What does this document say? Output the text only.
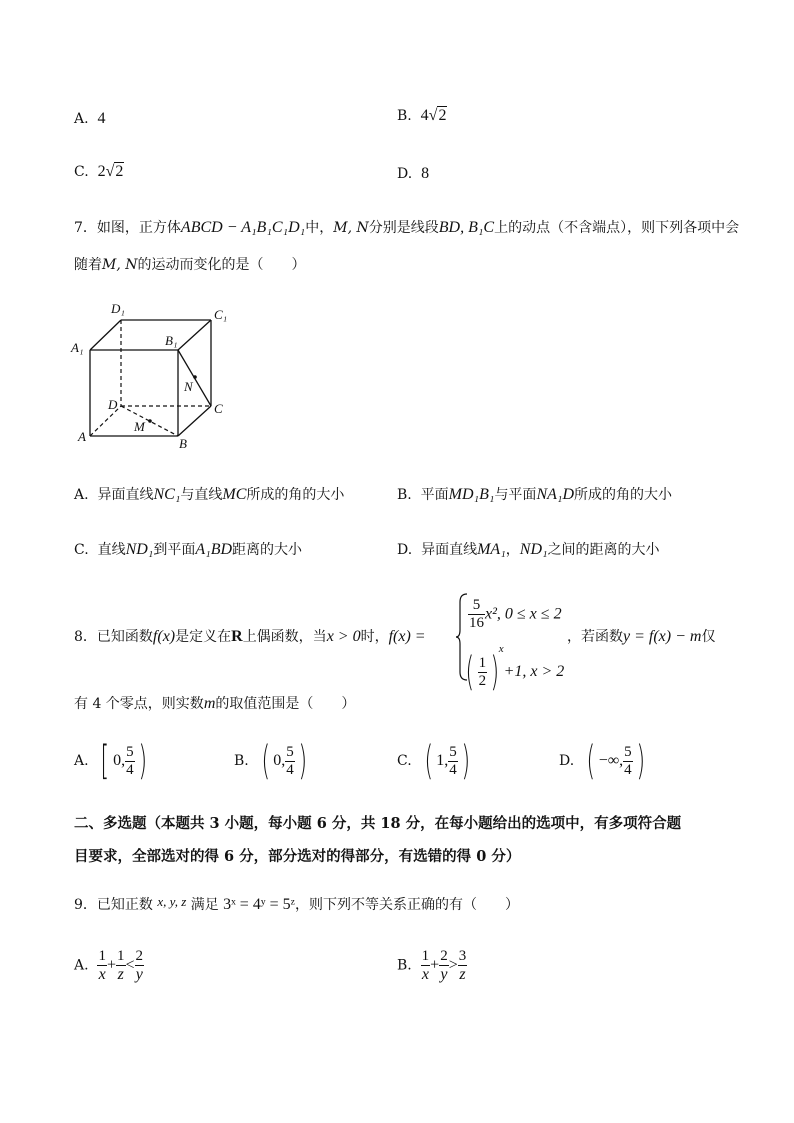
A. 4	B. 4√2
C. 2√2	D. 8
7．如图，正方体ABCD − A₁B₁C₁D₁中，M, N分别是线段BD, B₁C上的动点（不含端点），则下列各项中会
随着M, N的运动而变化的是（　　）
D₁	C₁
A₁	B₁
N
D	C
M
A	B
A. 异面直线NC₁与直线MC所成的角的大小	B. 平面MD₁B₁与平面NA₁D所成的角的大小
C. 直线ND₁到平面A₁BD距离的大小	D. 异面直线MA₁，ND₁之间的距离的大小
8．已知函数f(x)是定义在R上偶函数，当x > 0时，f(x) =
$\frac{5}{16} x^2$, 0 ≤ x ≤ 2
( $\frac{1}{2} )^x+1$, x > 2
，若函数y = f(x) − m仅
有 4 个零点，则实数m的取值范围是（　　）
A. [ 0, $\frac{5}{4}$ )	B. ( 0, $\frac{5}{4}$ )	C. ( 1, $\frac{5}{4}$ )	D. ( −∞, $\frac{5}{4}$ )
二、多选题（本题共 3 小题，每小题 6 分，共 18 分，在每小题给出的选项中，有多项符合题
目要求，全部选对的得 6 分，部分选对的得部分，有选错的得 0 分）
9．已知正数 x, y, z 满足 3ˣ = 4ʸ = 5ᶻ，则下列不等关系正确的有（　　）
A. $\frac{1}{x} + \frac{1}{z} < \frac{2}{y}$	B. $\frac{1}{x} + \frac{2}{y} > \frac{3}{z}$
